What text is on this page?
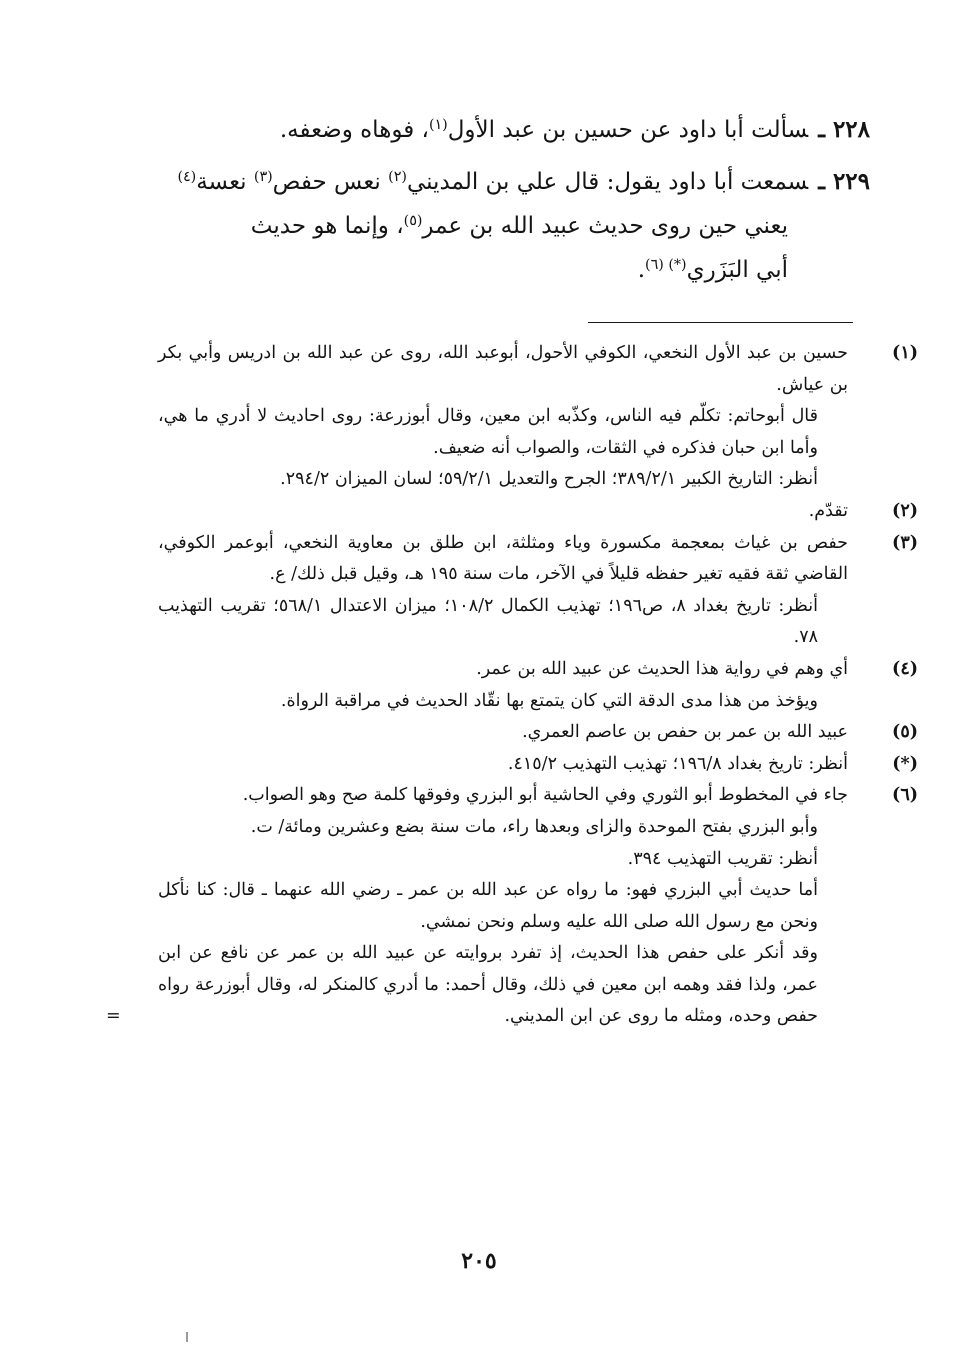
٢٢٨ ـسألت أبا داود عن حسين بن عبد الأول$^{(١)}$، فوهاه وضعفه.
٢٢٩ ـسمعت أبا داود يقول: قال علي بن المديني$^{(٢)}$ نعس حفص$^{(٣)}$ نعسة$^{(٤)}$
يعني حين روى حديث عبيد الله بن عمر$^{(٥)}$، وإنما هو حديث
أبي البَزَري$^{(*) (٦)}$.
(١)

حسين بن عبد الأول النخعي، الكوفي الأحول، أبوعبد الله، روى عن عبد الله بن ادريس وأبي بكر بن عياش.

قال أبوحاتم: تكلّم فيه الناس، وكذّبه ابن معين، وقال أبوزرعة: روى احاديث لا أدري ما هي، وأما ابن حبان فذكره في الثقات، والصواب أنه ضعيف.

أنظر: التاريخ الكبير ٣٨٩/٢/١؛ الجرح والتعديل ٥٩/٢/١؛ لسان الميزان ٢٩٤/٢.

(٢)

تقدّم.

(٣)

حفص بن غياث بمعجمة مكسورة وياء ومثلثة، ابن طلق بن معاوية النخعي، أبوعمر الكوفي، القاضي ثقة فقيه تغير حفظه قليلاً في الآخر، مات سنة ١٩٥ هـ، وقيل قبل ذلك/ ع.

أنظر: تاريخ بغداد ٨، ص١٩٦؛ تهذيب الكمال ١٠٨/٢؛ ميزان الاعتدال ٥٦٨/١؛ تقريب التهذيب ٧٨.

(٤)

أي وهم في رواية هذا الحديث عن عبيد الله بن عمر.

ويؤخذ من هذا مدى الدقة التي كان يتمتع بها نقّاد الحديث في مراقبة الرواة.

(٥)

عبيد الله بن عمر بن حفص بن عاصم العمري.

(*)

أنظر: تاريخ بغداد ١٩٦/٨؛ تهذيب التهذيب ٤١٥/٢.

(٦)

جاء في المخطوط أبو الثوري وفي الحاشية أبو البزري وفوقها كلمة صح وهو الصواب.

وأبو البزري بفتح الموحدة والزاى وبعدها راء، مات سنة بضع وعشرين ومائة/ ت.

أنظر: تقريب التهذيب ٣٩٤.

أما حديث أبي البزري فهو: ما رواه عن عبد الله بن عمر ـ رضي الله عنهما ـ قال: كنا نأكل ونحن مع رسول الله صلى الله عليه وسلم ونحن نمشي.

وقد أنكر على حفص هذا الحديث، إذ تفرد بروايته عن عبيد الله بن عمر عن نافع عن ابن عمر، ولذا فقد وهمه ابن معين في ذلك، وقال أحمد: ما أدري كالمنكر له، وقال أبوزرعة رواه حفص وحده، ومثله ما روى عن ابن المديني.

=
٢٠٥
